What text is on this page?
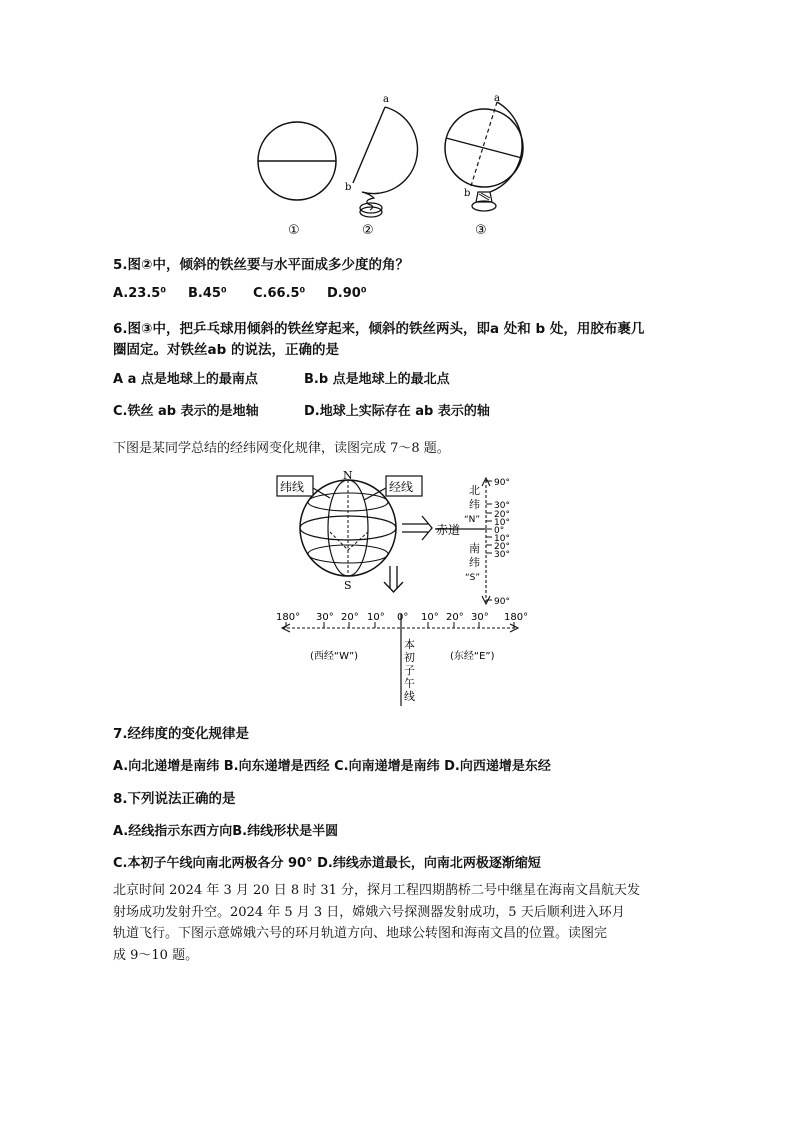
a
b
a
b
①	②	③
5.图②中，倾斜的铁丝要与水平面成多少度的角？
A.23.5⁰ B.45⁰ C.66.5⁰ D.90⁰
6.图③中，把乒乓球用倾斜的铁丝穿起来，倾斜的铁丝两头，即a 处和 b 处，用胶布裹几
圈固定。对铁丝ab 的说法，正确的是
A a 点是地球上的最南点	B.b 点是地球上的最北点
C.铁丝 ab 表示的是地轴	D.地球上实际存在 ab 表示的轴
下图是某同学总结的经纬网变化规律，读图完成 7～8 题。
纬线	经线
N
S
90°
30°
20°
10°
0°
10°
20°
30°
90°
赤道
北
纬
“N”
南
纬
“S”
180° 30° 20° 10° 0° 10° 20° 30° 180°
(西经“W”)	(东经“E”)
本
初
子
午
线
7.经纬度的变化规律是
A.向北递增是南纬 B.向东递增是西经 C.向南递增是南纬 D.向西递增是东经
8.下列说法正确的是
A.经线指示东西方向B.纬线形状是半圆
C.本初子午线向南北两极各分 90° D.纬线赤道最长，向南北两极逐渐缩短
北京时间 2024 年 3 月 20 日 8 时 31 分，探月工程四期鹊桥二号中继星在海南文昌航天发
射场成功发射升空。2024 年 5 月 3 日，嫦娥六号探测器发射成功，5 天后顺利进入环月
轨道飞行。下图示意嫦娥六号的环月轨道方向、地球公转图和海南文昌的位置。读图完
成 9～10 题。
